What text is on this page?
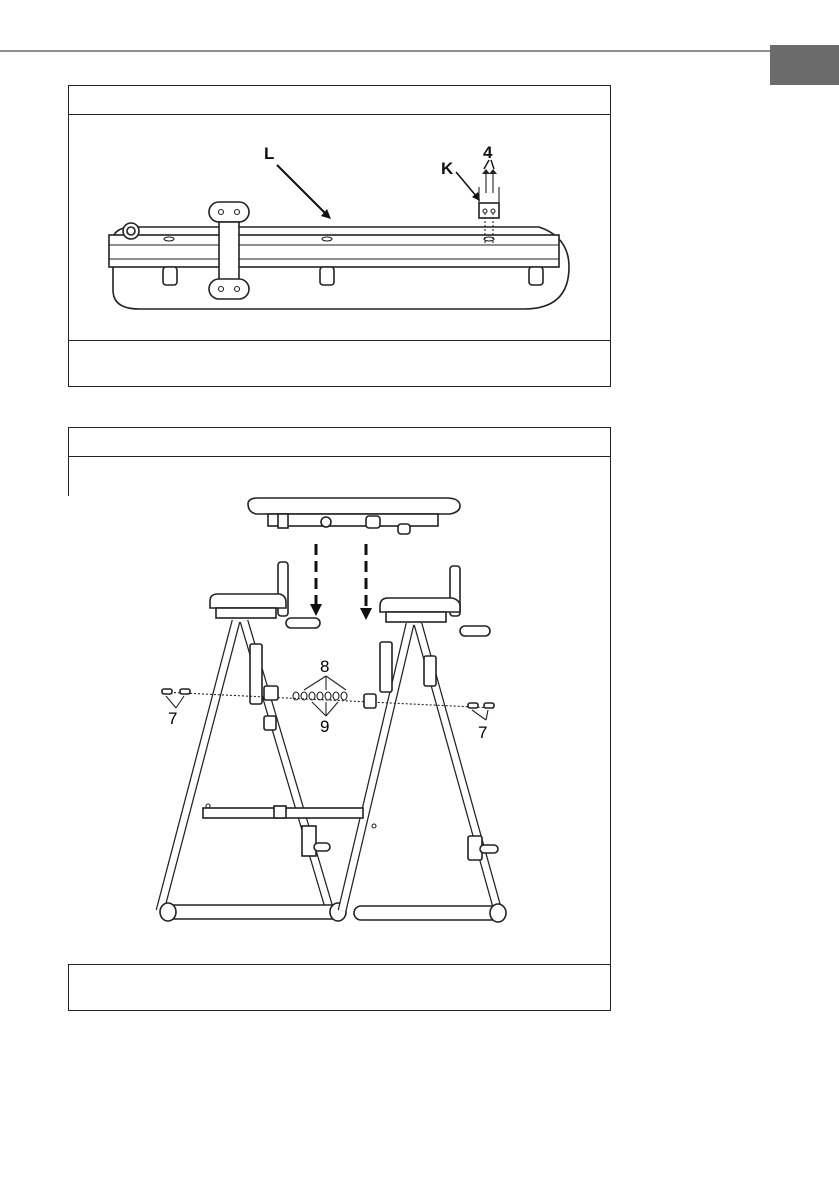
L
K
4
8
9
7
7
